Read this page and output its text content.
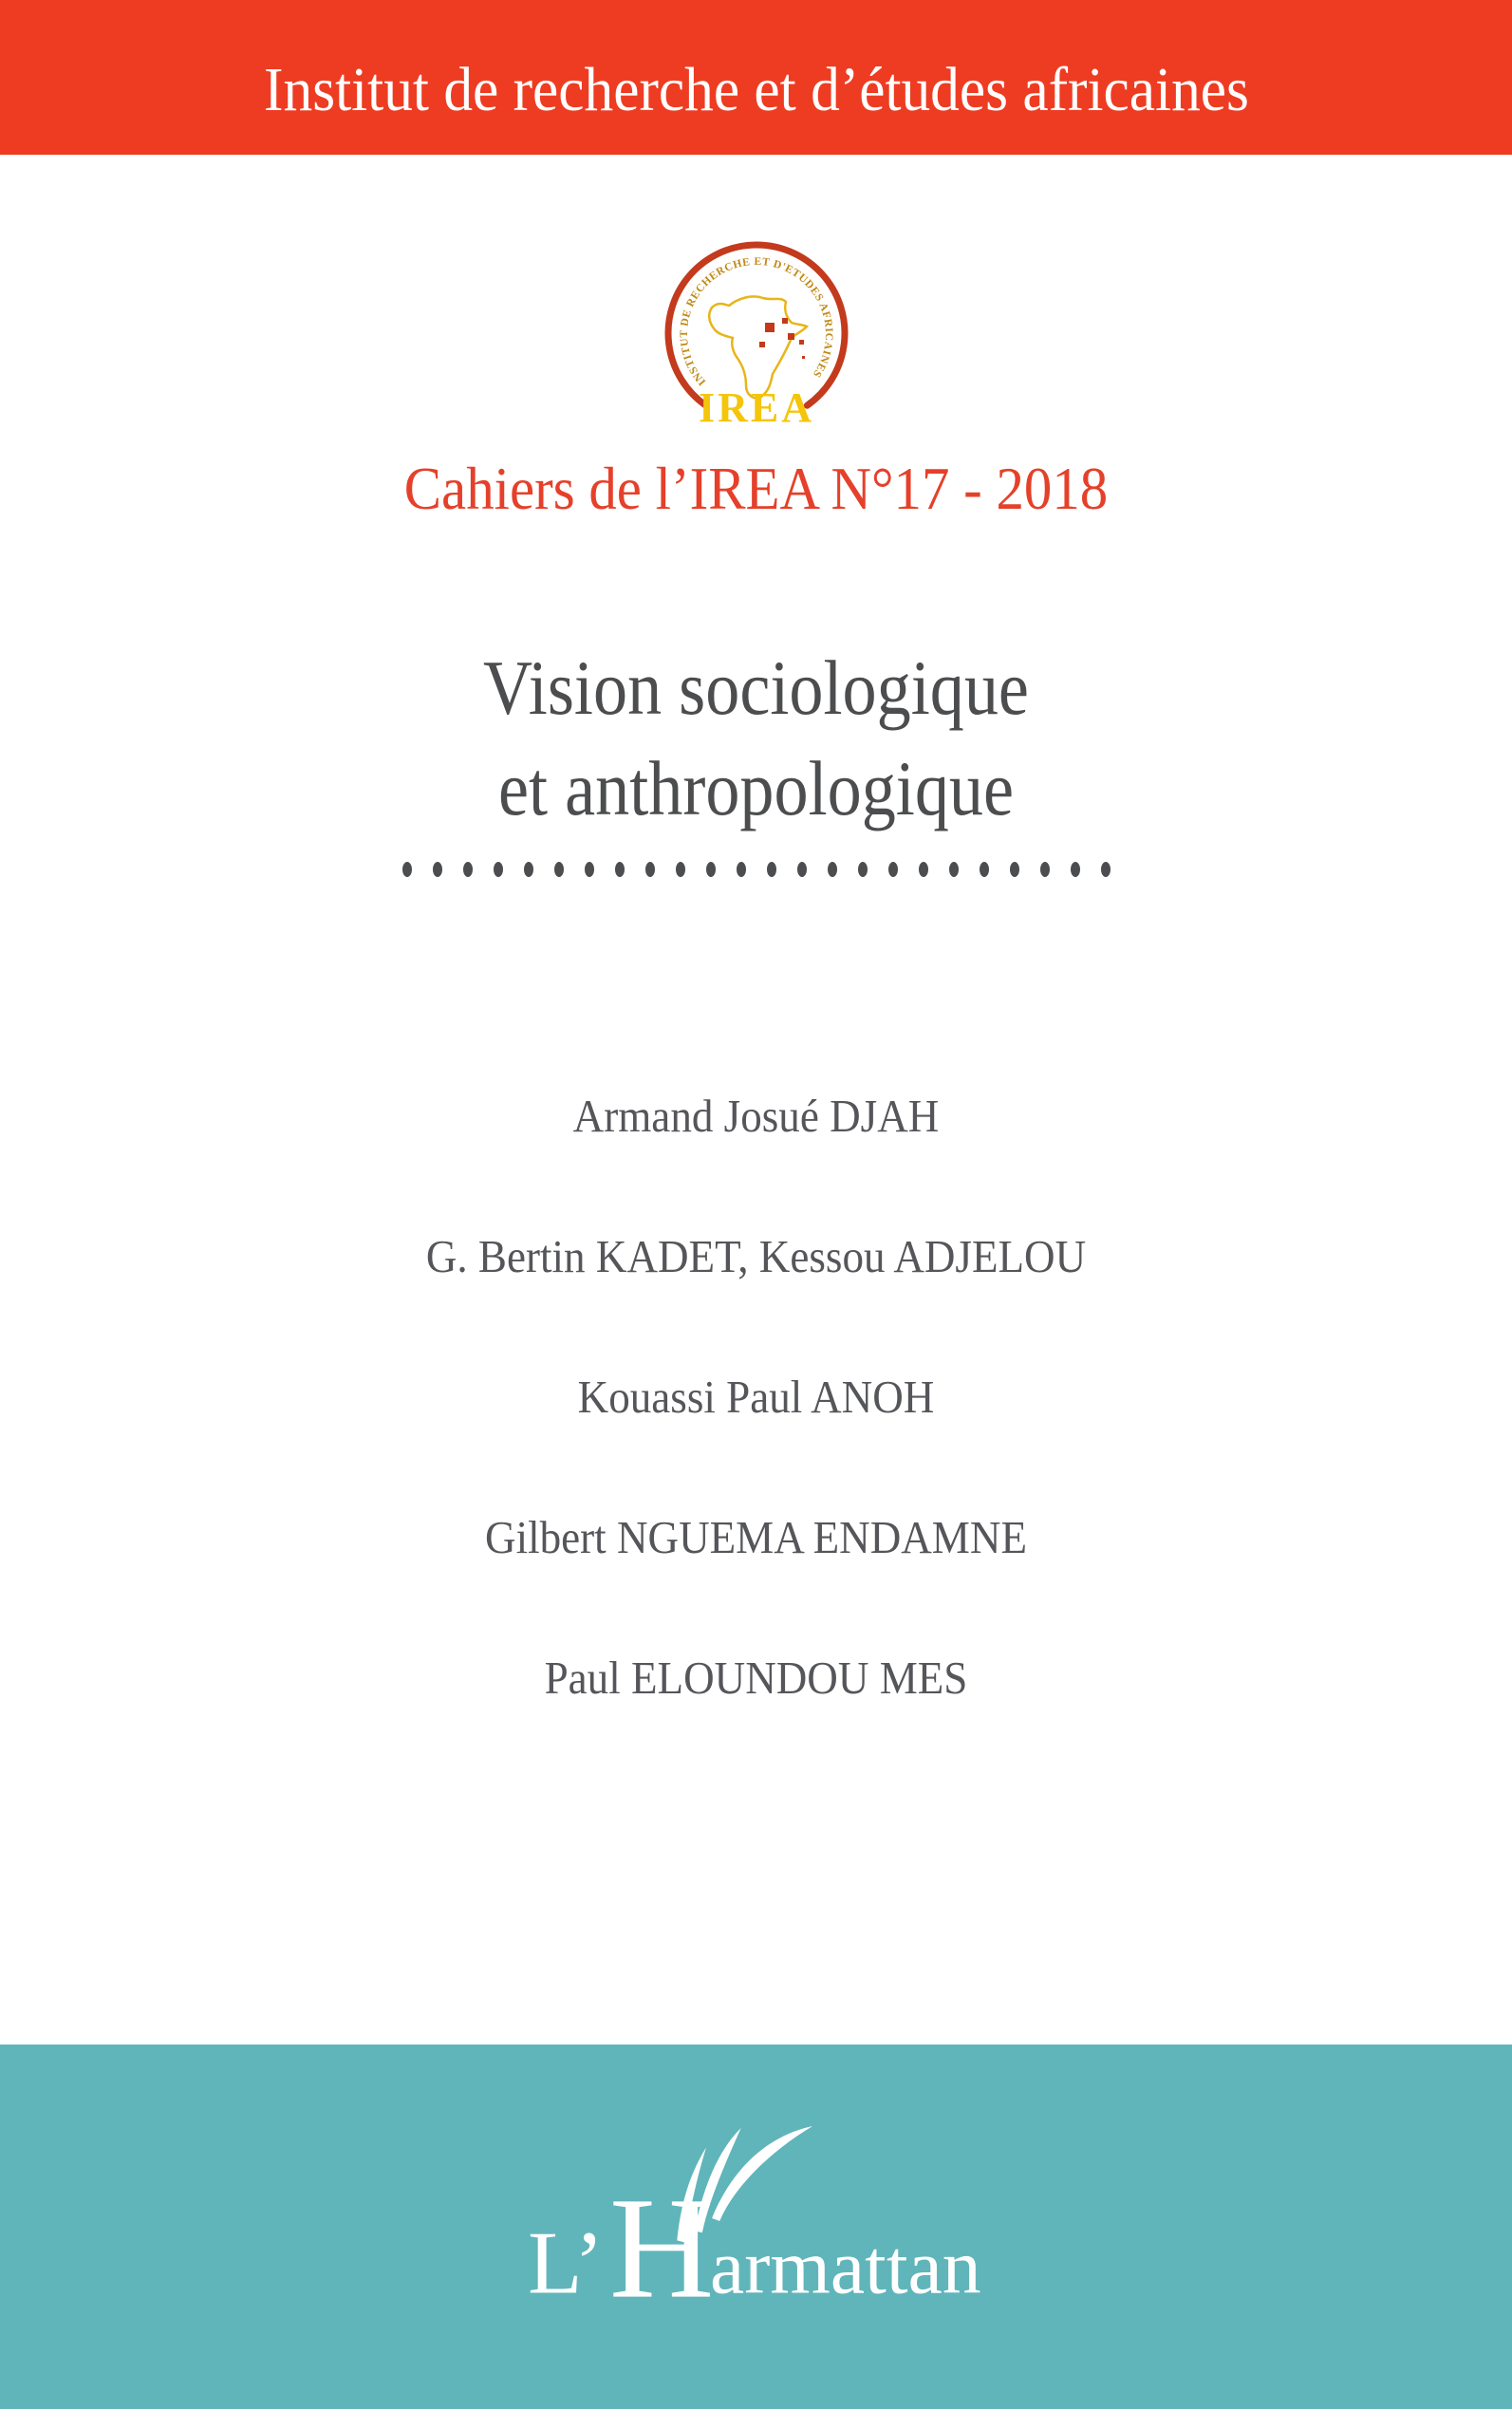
Institut de recherche et d’études africaines
INSTITUT DE RECHERCHE ET D'ETUDES AFRICAINES
IREA
Cahiers de l’IREA N°17 - 2018
Vision sociologique
et anthropologique
Armand Josué DJAH
G. Bertin KADET, Kessou ADJELOU
Kouassi Paul ANOH
Gilbert NGUEMA ENDAMNE
Paul ELOUNDOU MES
L’ H
armattan
